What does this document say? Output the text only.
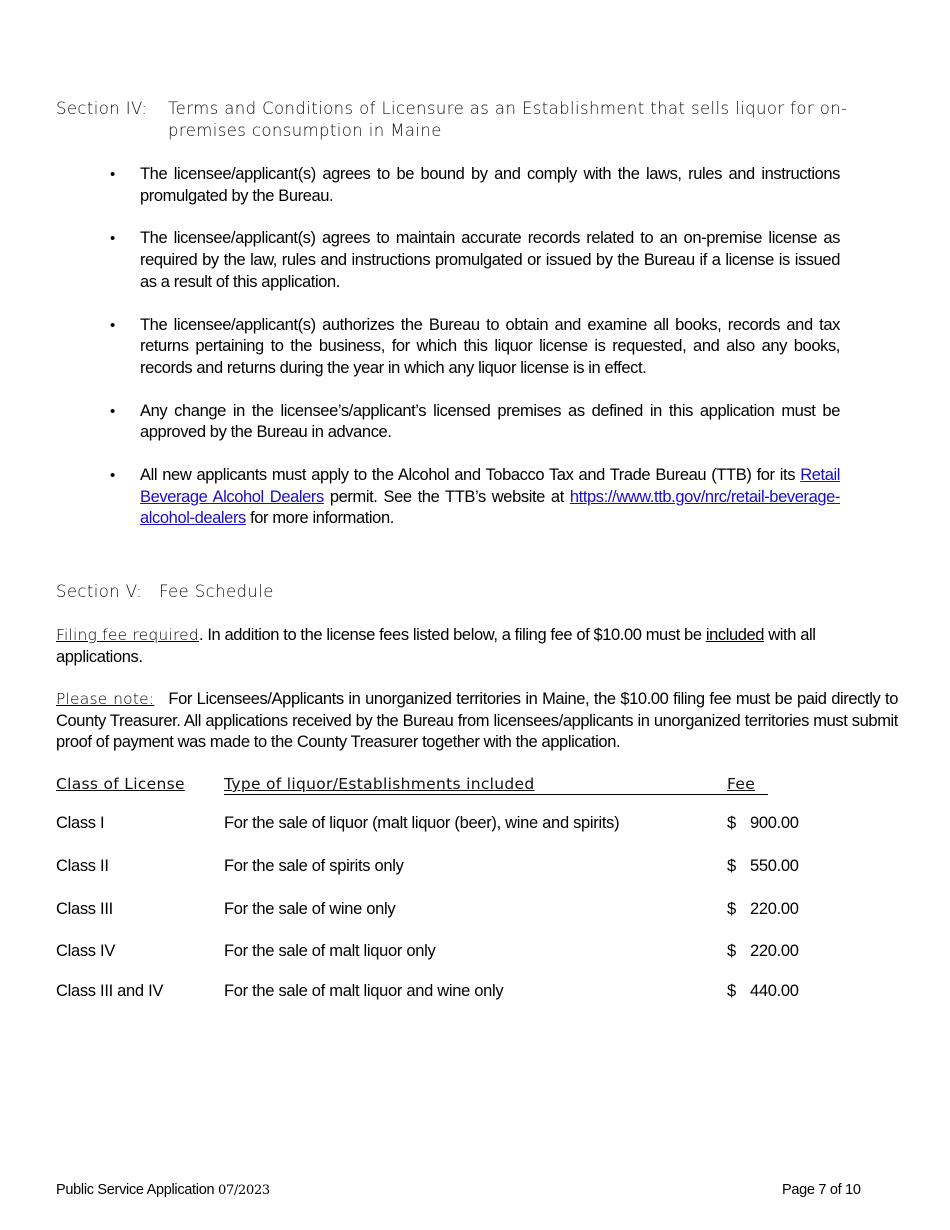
Section IV: Terms and Conditions of Licensure as an Establishment that sells liquor for on-premises consumption in Maine
• The licensee/applicant(s) agrees to be bound by and comply with the laws, rules and instructions promulgated by the Bureau.
• The licensee/applicant(s) agrees to maintain accurate records related to an on-premise license as required by the law, rules and instructions promulgated or issued by the Bureau if a license is issued as a result of this application.
• The licensee/applicant(s) authorizes the Bureau to obtain and examine all books, records and tax returns pertaining to the business, for which this liquor license is requested, and also any books, records and returns during the year in which any liquor license is in effect.
• Any change in the licensee’s/applicant’s licensed premises as defined in this application must be approved by the Bureau in advance.
• All new applicants must apply to the Alcohol and Tobacco Tax and Trade Bureau (TTB) for its Retail Beverage Alcohol Dealers permit. See the TTB’s website at https://www.ttb.gov/nrc/retail-beverage-alcohol-dealers for more information.
Section V: Fee Schedule
Filing fee required. In addition to the license fees listed below, a filing fee of $10.00 must be included with all applications.
Please note: For Licensees/Applicants in unorganized territories in Maine, the $10.00 filing fee must be paid directly to County Treasurer. All applications received by the Bureau from licensees/applicants in unorganized territories must submit proof of payment was made to the County Treasurer together with the application.
Class of License	Type of liquor/Establishments included	Fee
Class I	For the sale of liquor (malt liquor (beer), wine and spirits)	$ 900.00
Class II	For the sale of spirits only	$ 550.00
Class III	For the sale of wine only	$ 220.00
Class IV	For the sale of malt liquor only	$ 220.00
Class III and IV	For the sale of malt liquor and wine only	$ 440.00
Public Service Application 07/2023	Page 7 of 10
